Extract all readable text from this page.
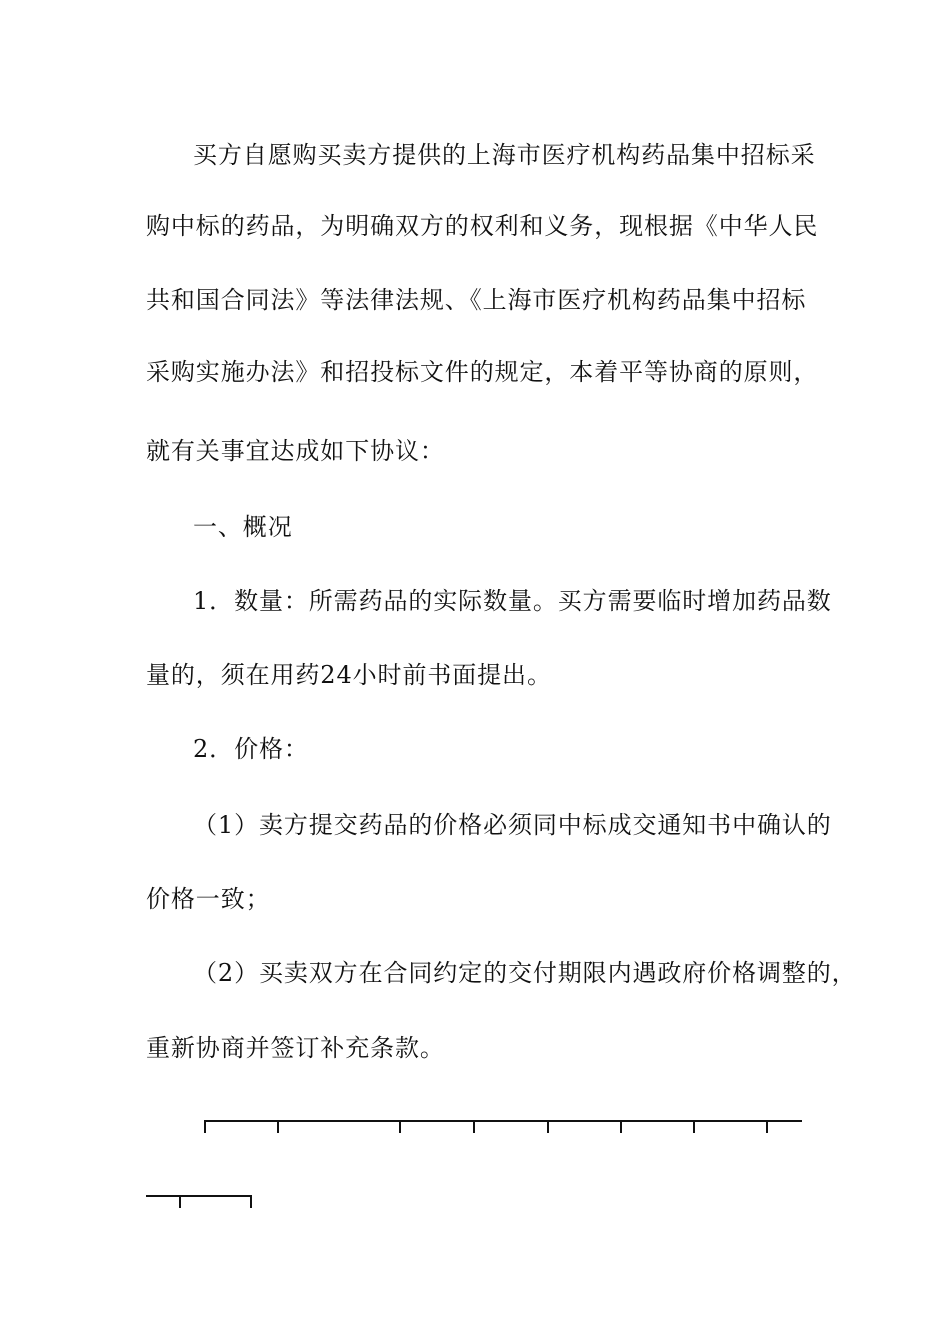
买方自愿购买卖方提供的上海市医疗机构药品集中招标采
购中标的药品，为明确双方的权利和义务，现根据《中华人民
共和国合同法》等法律法规、《上海市医疗机构药品集中招标
采购实施办法》和招投标文件的规定，本着平等协商的原则，
就有关事宜达成如下协议：
一、概况
1．数量：所需药品的实际数量。买方需要临时增加药品数
量的，须在用药24小时前书面提出。
2．价格：
（1）卖方提交药品的价格必须同中标成交通知书中确认的
价格一致；
（2）买卖双方在合同约定的交付期限内遇政府价格调整的，
重新协商并签订补充条款。
